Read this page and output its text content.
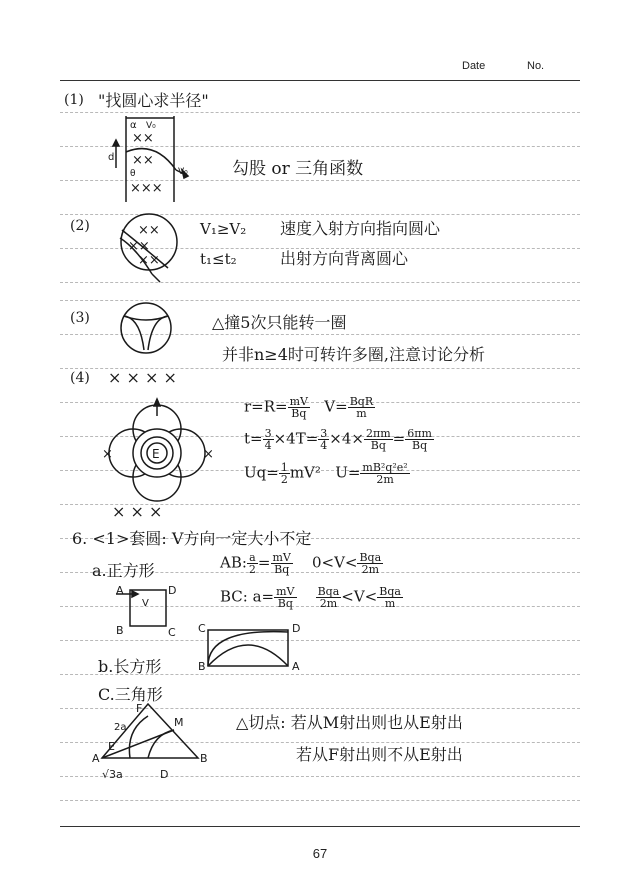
Date	No.
(1) "找圆心求半径"
d
α V₀
××
××
×××
θ	V₀	勾股 or 三角函数
(2)	××
××
××
V₁≥V₂ 速度入射方向指向圆心
t₁≤t₂	出射方向背离圆心
(3)	△撞5次只能转一圈
并非n≥4时可转许多圈,注意讨论分析
(4) × × × ×
E
×	×
× × ×
$r=R= \frac{mV}{Bq} V= \frac{\text{BqR}}{m}$
$t= \frac{3}{4} \times 4T= \frac{3}{4} \times 4\times \frac{2\pi m}{Bq} = \frac{6\pi m}{Bq}$
$Uq= \frac{1}{2} mV^2$ $U= \frac{\text{mB²q²e²}}{2m}$
6. <1>套圆: V方向一定大小不定
a.正方形	AB: $\frac{a}{2} = \frac{mV}{Bq} 0<V< \frac{\text{Bqa}}{2m}$
BC: $a= \frac{mV}{Bq}$
$\frac{\text{Bqa}}{2m} <V< \frac{\text{Bqa}}{m}$
A	D
B	C
V
C	D
B	A
b.长方形
C.三角形
2a
F
M
E
A	B
√3a	D
△切点: 若从M射出则也从E射出
若从F射出则不从E射出
67
